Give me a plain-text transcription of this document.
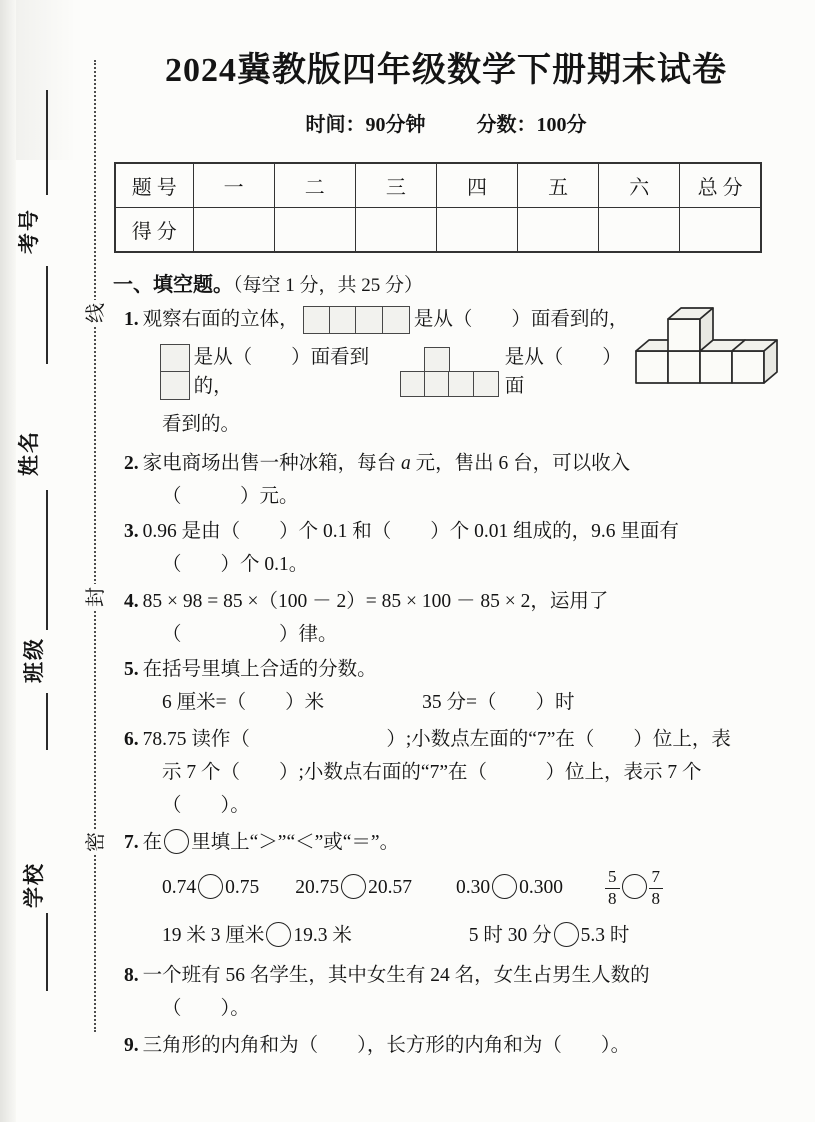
考号
姓名
班级
学校
线
封
密
2024冀教版四年级数学下册期末试卷
时间：90分钟	分数：100分
题 号	一	二	三	四	五	六	总 分
得 分							
一、填空题。（每空 1 分，共 25 分）
1. 观察右面的立体，	是从（　　）面看到的，
是从（　　）面看到的，
是从（　　）面
看到的。
2. 家电商场出售一种冰箱，每台 a 元，售出 6 台，可以收入
（　　　）元。
3. 0.96 是由（　　）个 0.1 和（　　）个 0.01 组成的，9.6 里面有
（　　）个 0.1。
4. 85 × 98 = 85 ×（100 － 2）= 85 × 100 － 85 × 2，运用了
（　　　　　）律。
5. 在括号里填上合适的分数。
6 厘米=（　　）米	35 分=（　　）时
6. 78.75 读作（　　　　　　　）;小数点左面的“7”在（　　）位上，表
示 7 个（　　）;小数点右面的“7”在（　　　）位上，表示 7 个
（　　）。
7. 在 里填上“＞”“＜”或“＝”。
0.74 0.75 20.75 20.57 0.30 $0.300 \frac{5}{8} \frac{7}{8}$
19 米 3 厘米 19.3 米	5 时 30 分 5.3 时
8. 一个班有 56 名学生，其中女生有 24 名，女生占男生人数的
（　　）。
9. 三角形的内角和为（　　），长方形的内角和为（　　）。
